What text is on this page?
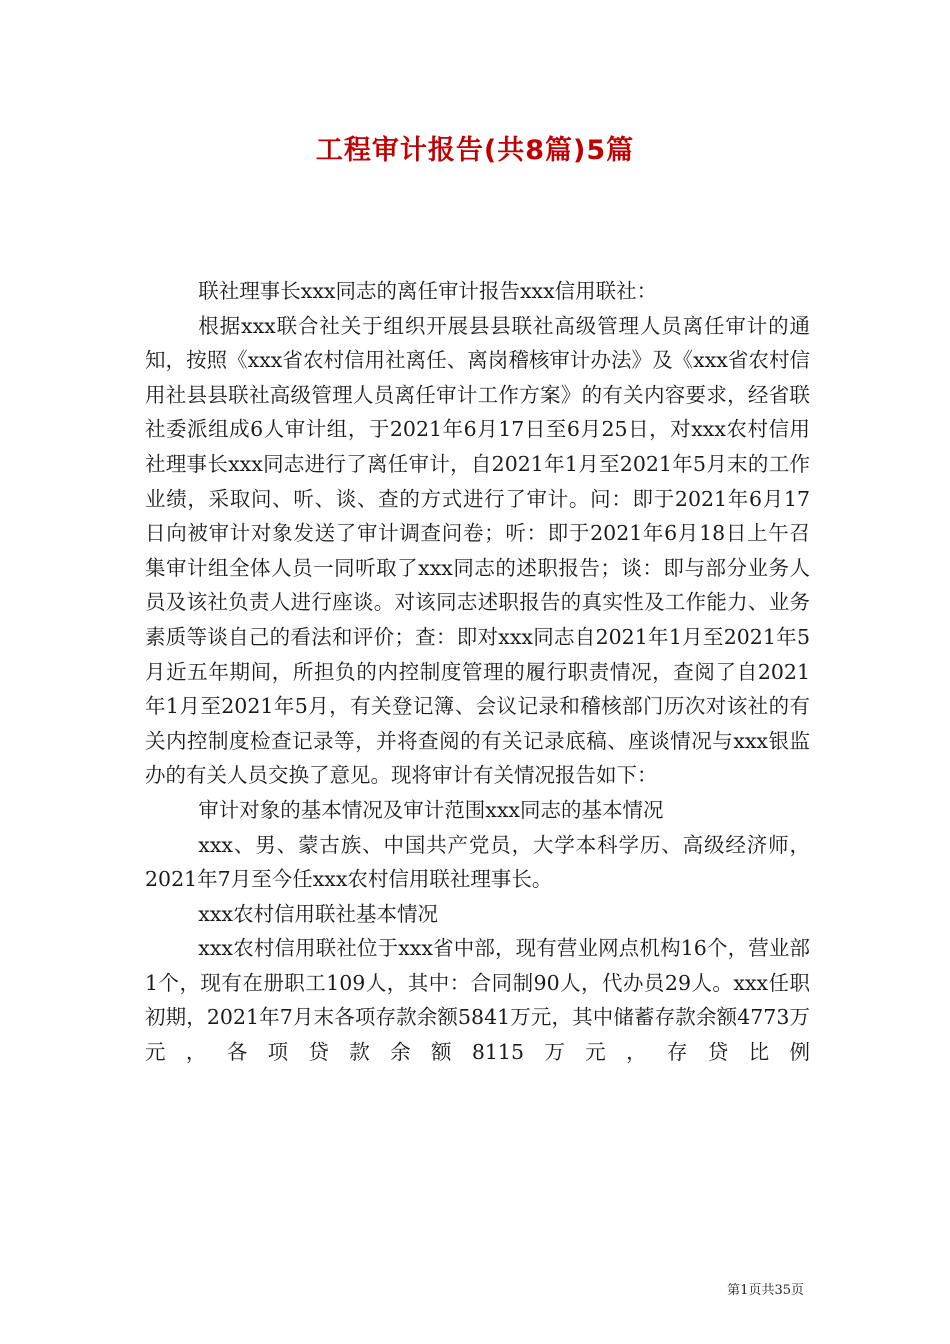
工程审计报告(共8篇)5篇

联社理事长xxx同志的离任审计报告xxx信用联社：

根据xxx联合社关于组织开展县县联社高级管理人员离任审计的通知，按照《xxx省农村信用社离任、离岗稽核审计办法》及《xxx省农村信用社县县联社高级管理人员离任审计工作方案》的有关内容要求，经省联社委派组成6人审计组，于2021年6月17日至6月25日，对xxx农村信用社理事长xxx同志进行了离任审计，自2021年1月至2021年5月末的工作业绩，采取问、听、谈、查的方式进行了审计。问：即于2021年6月17日向被审计对象发送了审计调查问卷；听：即于2021年6月18日上午召集审计组全体人员一同听取了xxx同志的述职报告；谈：即与部分业务人员及该社负责人进行座谈。对该同志述职报告的真实性及工作能力、业务素质等谈自己的看法和评价；查：即对xxx同志自2021年1月至2021年5月近五年期间，所担负的内控制度管理的履行职责情况，查阅了自2021年1月至2021年5月，有关登记簿、会议记录和稽核部门历次对该社的有关内控制度检查记录等，并将查阅的有关记录底稿、座谈情况与xxx银监办的有关人员交换了意见。现将审计有关情况报告如下：

审计对象的基本情况及审计范围xxx同志的基本情况

xxx、男、蒙古族、中国共产党员，大学本科学历、高级经济师，2021年7月至今任xxx农村信用联社理事长。

xxx农村信用联社基本情况

xxx农村信用联社位于xxx省中部，现有营业网点机构16个，营业部1个，现有在册职工109人，其中：合同制90人，代办员29人。xxx任职初期，2021年7月末各项存款余额5841万元，其中储蓄存款余额4773万元，各项贷款余额8115万元，存贷比例

第1页共35页
